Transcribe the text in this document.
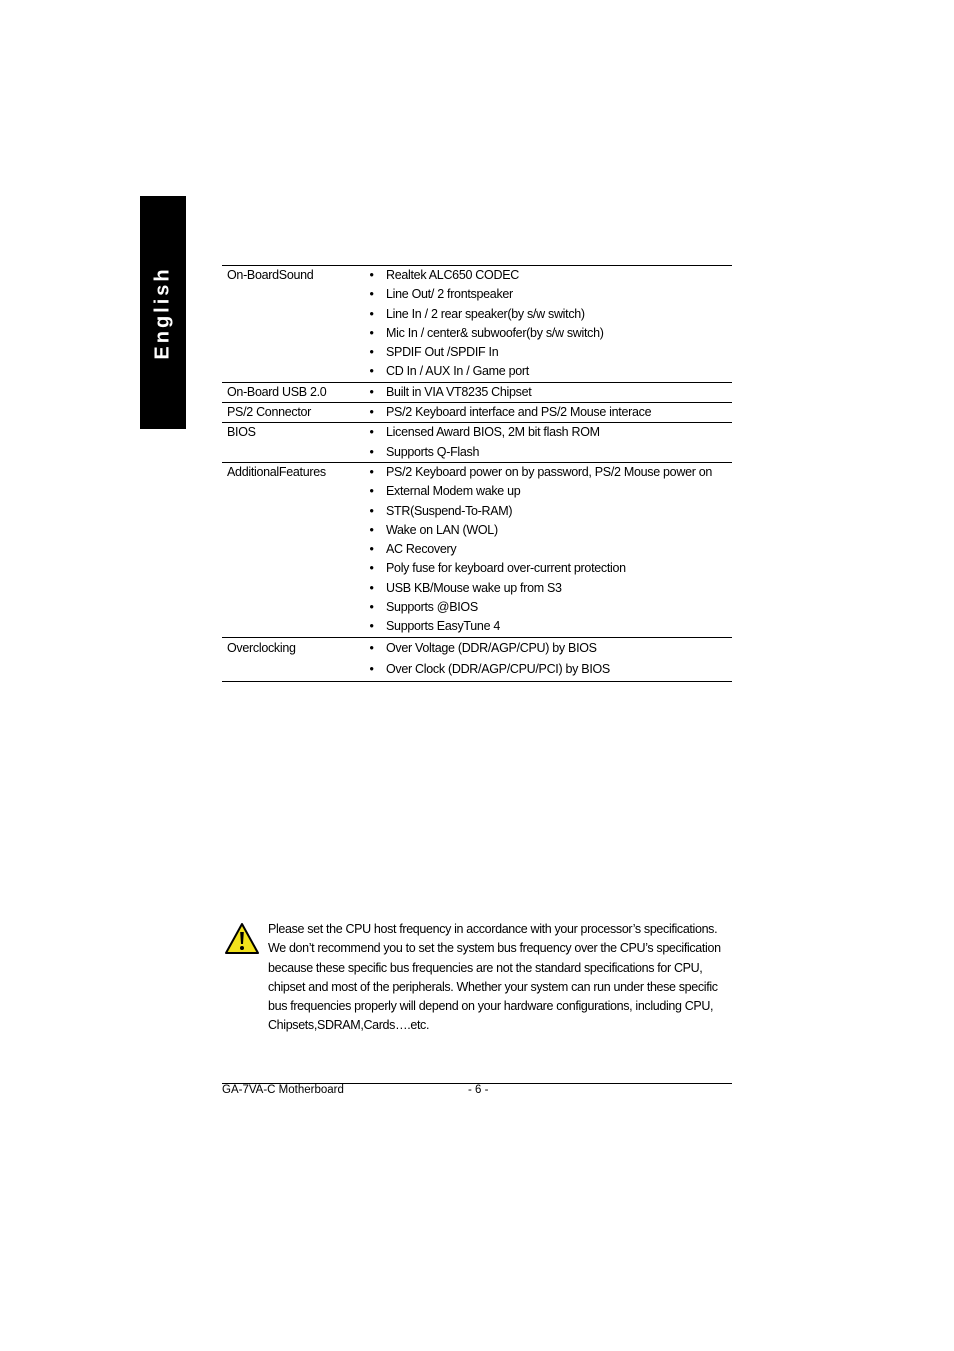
English	On-BoardSound	•	Realtek ALC650 CODEC
	•	Line Out/ 2 frontspeaker
	•	Line In / 2 rear speaker(by s/w switch)
	•	Mic In / center& subwoofer(by s/w switch)
	•	SPDIF Out /SPDIF In
	•	CD In / AUX In / Game port
On-Board USB 2.0	•	Built in VIA VT8235 Chipset
PS/2 Connector	•	PS/2 Keyboard interface and PS/2 Mouse interace
BIOS	•	Licensed Award BIOS, 2M bit flash ROM
	•	Supports Q-Flash
AdditionalFeatures	•	PS/2 Keyboard power on by password, PS/2 Mouse power on
	•	External Modem wake up
	•	STR(Suspend-To-RAM)
	•	Wake on LAN (WOL)
	•	AC Recovery
	•	Poly fuse for keyboard over-current protection
	•	USB KB/Mouse wake up from S3
	•	Supports @BIOS
	•	Supports EasyTune 4
Overclocking	•	Over Voltage (DDR/AGP/CPU) by BIOS
	•	Over Clock (DDR/AGP/CPU/PCI) by BIOS
Please set the CPU host frequency in accordance with your processor’s specifications.
We don’t recommend you to set the system bus frequency over the CPU’s specification
because these specific bus frequencies are not the standard specifications for CPU,
chipset and most of the peripherals. Whether your system can run under these specific
bus frequencies properly will depend on your hardware configurations, including CPU,
Chipsets,SDRAM,Cards….etc.
GA-7VA-C Motherboard	- 6 -
